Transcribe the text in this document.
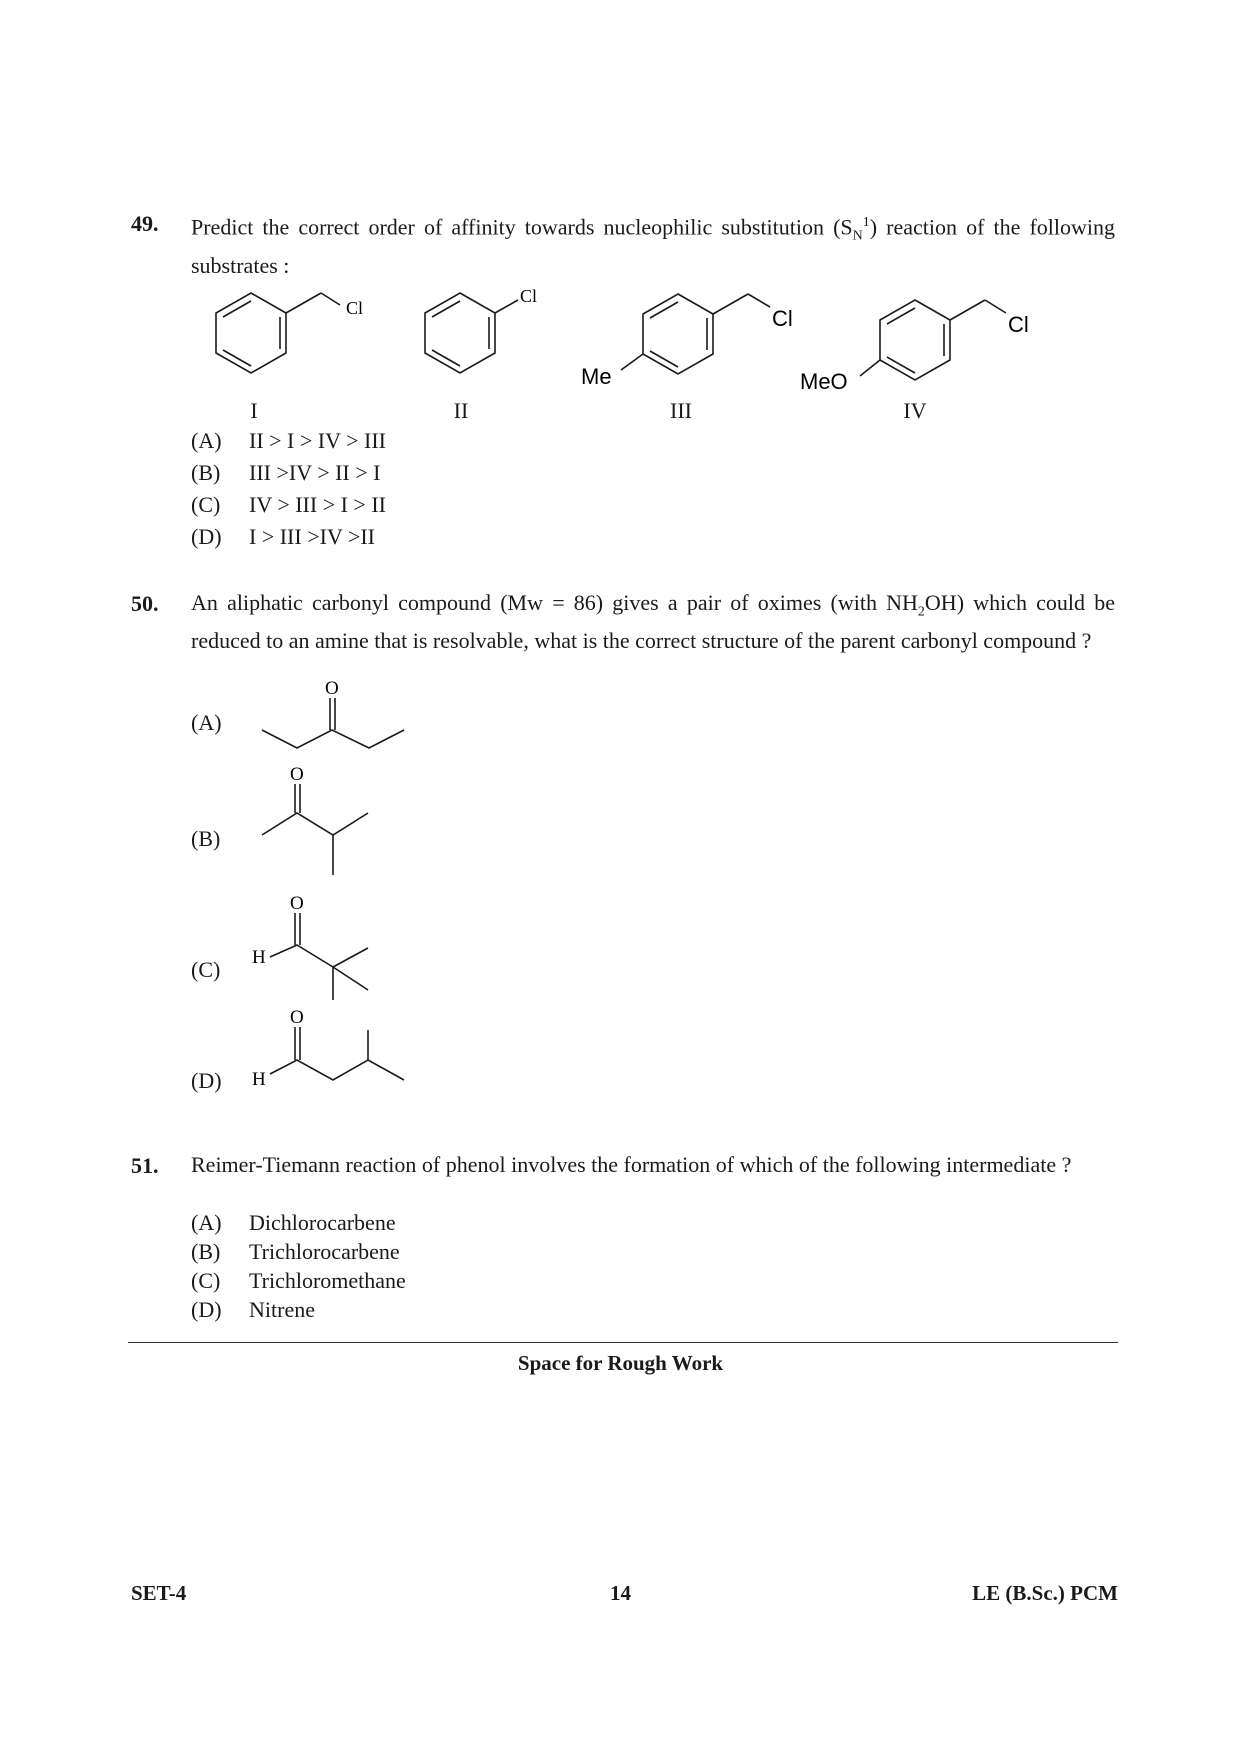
49. Predict the correct order of affinity towards nucleophilic substitution $(S_N^1)$ reaction of the following substrates :
Cl
Cl
Cl
Me
Cl
MeO
I	II	III	IV
(A) II > I > IV > III
(B) III >IV > II > I
(C) IV > III > I > II
(D) I > III >IV >II
50. An aliphatic carbonyl compound (Mw = 86) gives a pair of oximes (with $NH_2OH$) which could be reduced to an amine that is resolvable, what is the correct structure of the parent carbonyl compound ?
(A)
(B)
(C)
(D)
O
O
O
H
O
H
51. Reimer-Tiemann reaction of phenol involves the formation of which of the following intermediate ?
(A) Dichlorocarbene
(B) Trichlorocarbene
(C) Trichloromethane
(D) Nitrene
Space for Rough Work
SET-4	14	LE (B.Sc.) PCM
